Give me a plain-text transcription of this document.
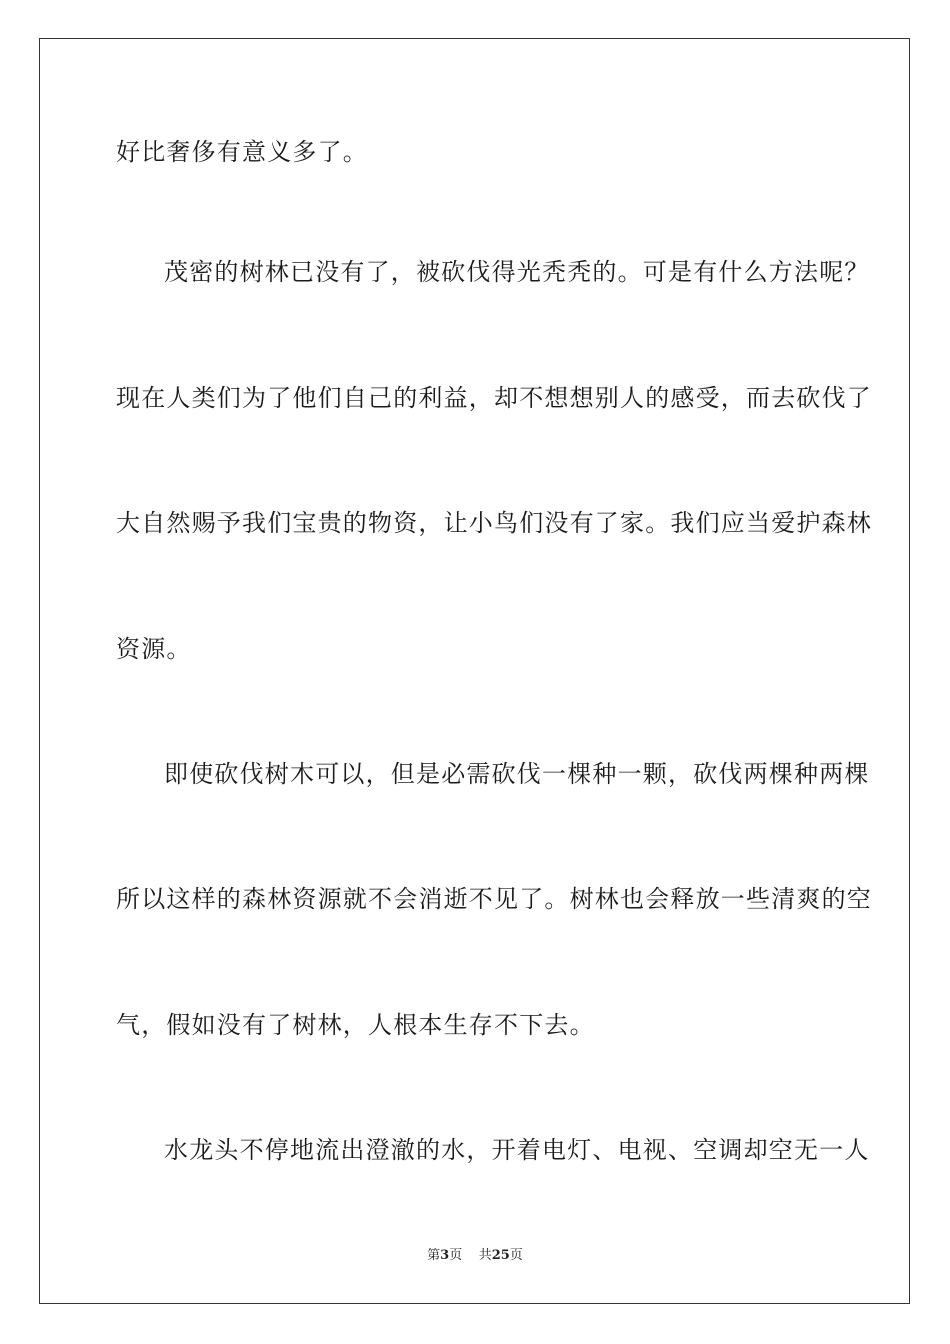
好比奢侈有意义多了。
茂密的树林已没有了，被砍伐得光秃秃的。可是有什么方法呢？
现在人类们为了他们自己的利益，却不想想别人的感受，而去砍伐了
大自然赐予我们宝贵的物资，让小鸟们没有了家。我们应当爱护森林
资源。
即使砍伐树木可以，但是必需砍伐一棵种一颗，砍伐两棵种两棵
所以这样的森林资源就不会消逝不见了。树林也会释放一些清爽的空
气，假如没有了树林，人根本生存不下去。
水龙头不停地流出澄澈的水，开着电灯、电视、空调却空无一人
第3页 共25页
